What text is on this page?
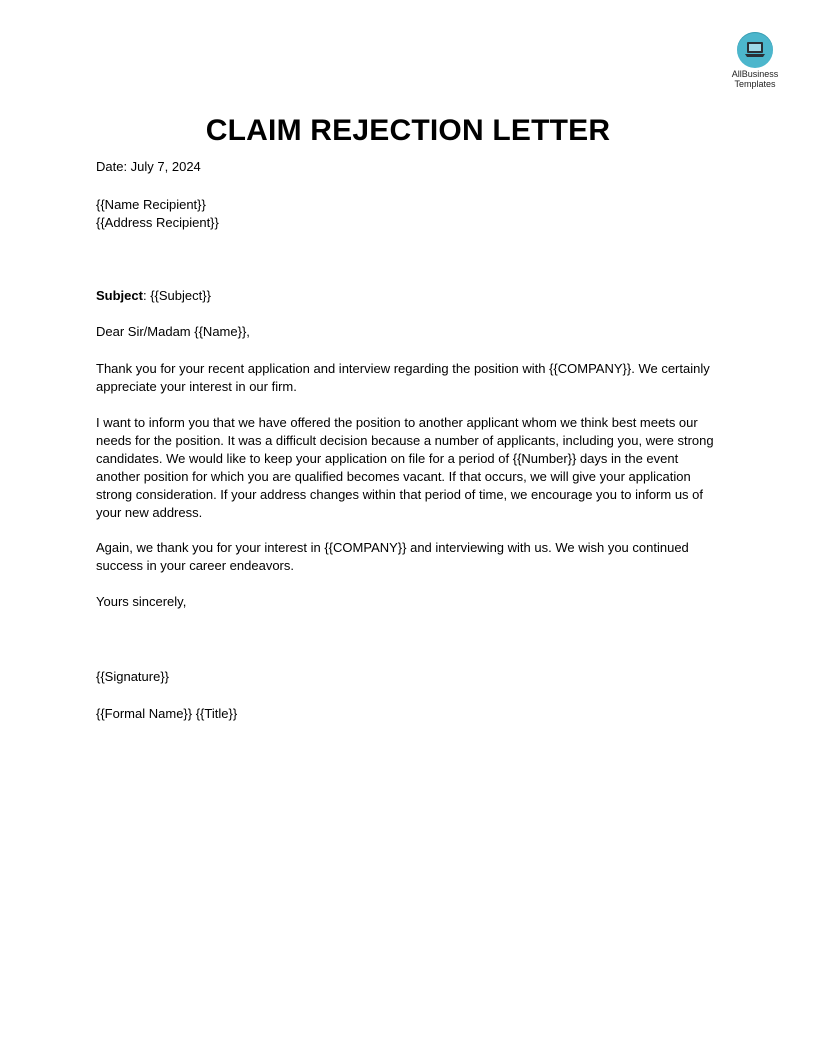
AllBusiness
Templates
CLAIM REJECTION LETTER

Date: July 7, 2024

{{Name Recipient}}

{{Address Recipient}}

Subject: {{Subject}}

Dear Sir/Madam {{Name}},

Thank you for your recent application and interview regarding the position with {{COMPANY}}. We certainly appreciate your interest in our firm.

I want to inform you that we have offered the position to another applicant whom we think best meets our needs for the position. It was a difficult decision because a number of applicants, including you, were strong candidates. We would like to keep your application on file for a period of {{Number}} days in the event another position for which you are qualified becomes vacant. If that occurs, we will give your application strong consideration. If your address changes within that period of time, we encourage you to inform us of your new address.

Again, we thank you for your interest in {{COMPANY}} and interviewing with us. We wish you continued success in your career endeavors.

Yours sincerely,

{{Signature}}

{{Formal Name}} {{Title}}
